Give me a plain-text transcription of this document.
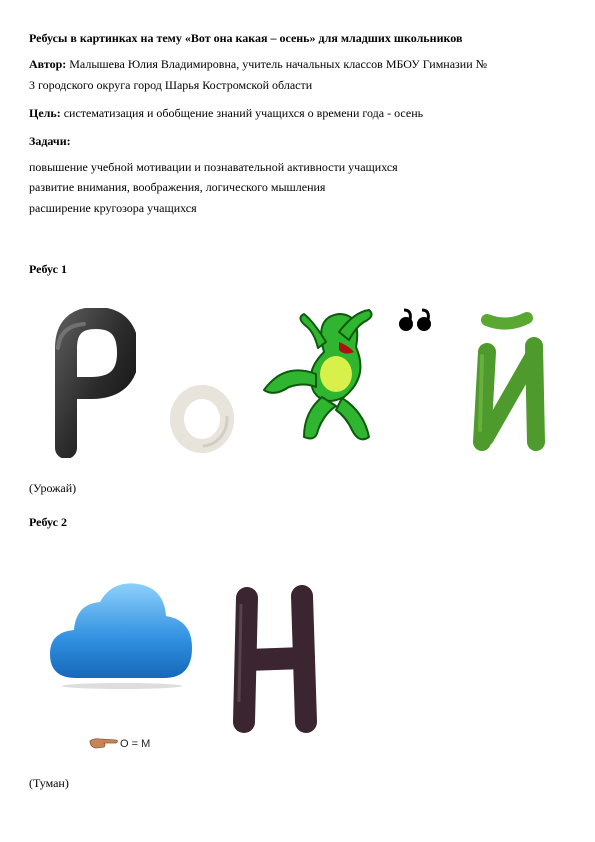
Ребусы в картинках на тему «Вот она какая – осень» для младших школьников
Автор: Малышева Юлия Владимировна, учитель начальных классов МБОУ Гимназии №
3 городского округа город Шарья Костромской области
Цель: систематизация и обобщение знаний учащихся о времени года - осень
Задачи:
повышение учебной мотивации и познавательной активности учащихся
развитие внимания, воображения, логического мышления
расширение кругозора учащихся
Ребус 1
(Урожай)
Ребус 2
О = М
(Туман)
